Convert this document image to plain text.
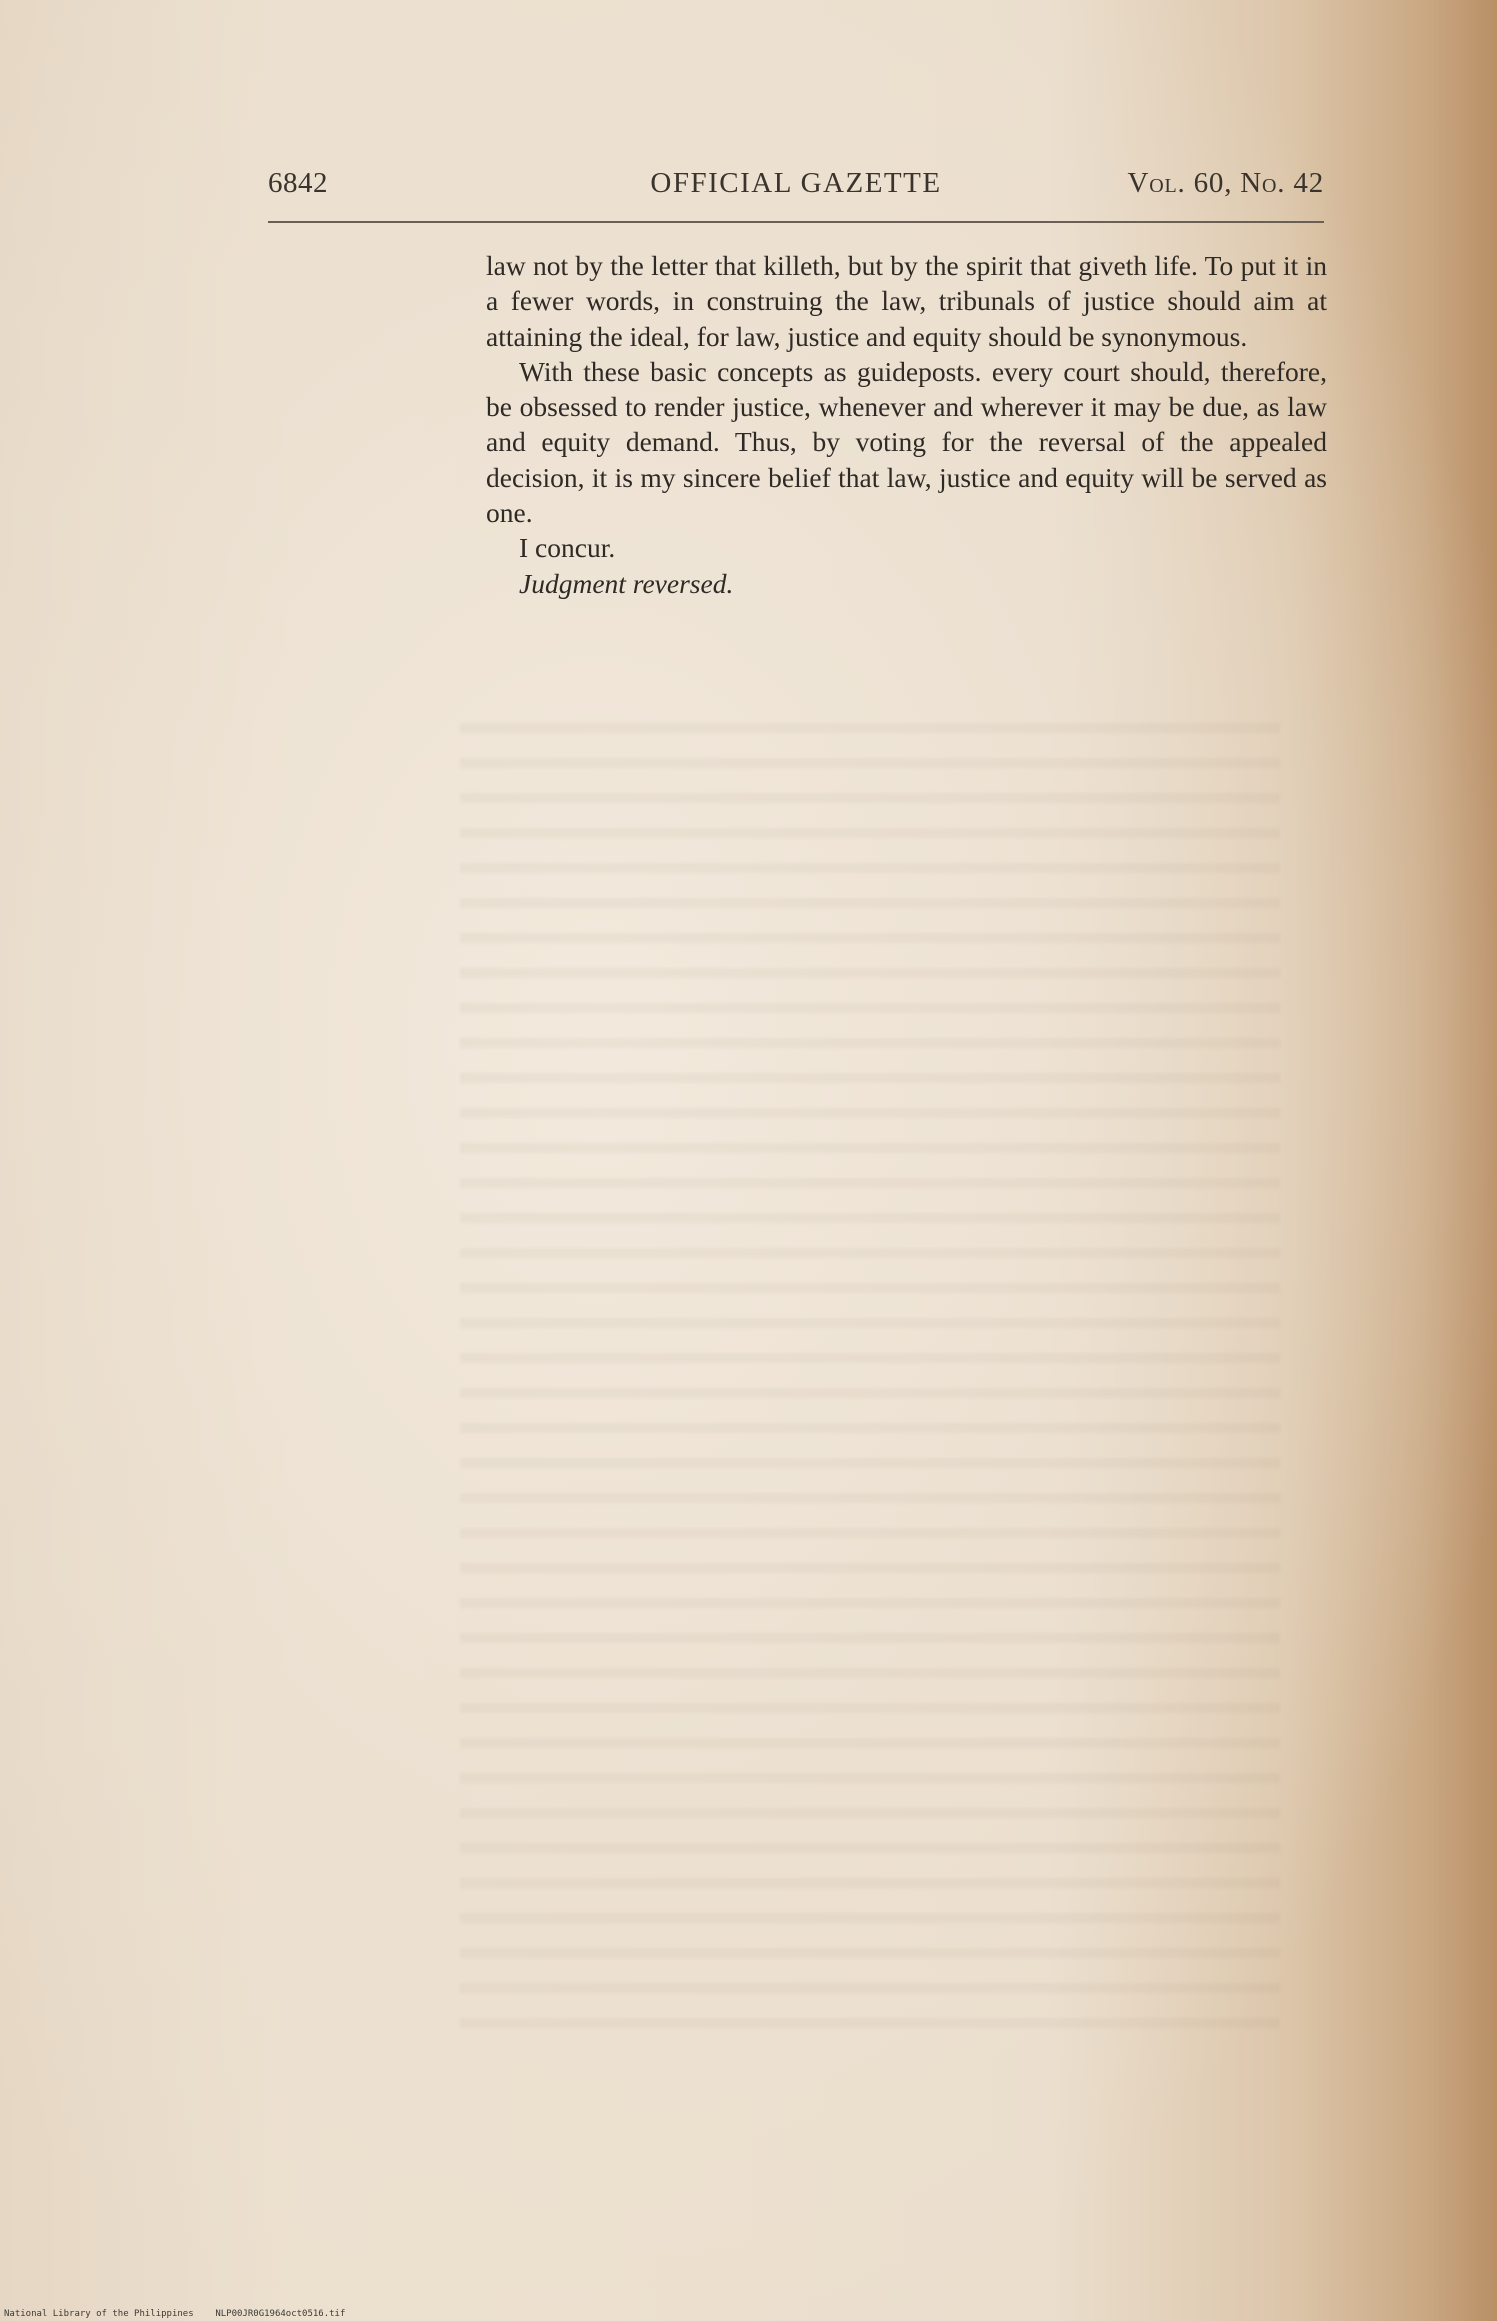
6842	OFFICIAL GAZETTE	Vol. 60, No. 42

law not by the letter that killeth, but by the spirit that giveth life. To put it in a fewer words, in construing the law, tribunals of justice should aim at attaining the ideal, for law, justice and equity should be synonymous.

With these basic concepts as guideposts. every court should, therefore, be obsessed to render justice, whenever and wherever it may be due, as law and equity demand. Thus, by voting for the reversal of the appealed decision, it is my sincere belief that law, justice and equity will be served as one.

I concur.

Judgment reversed.

National Library of the Philippines NLP00JR0G1964oct0516.tif
